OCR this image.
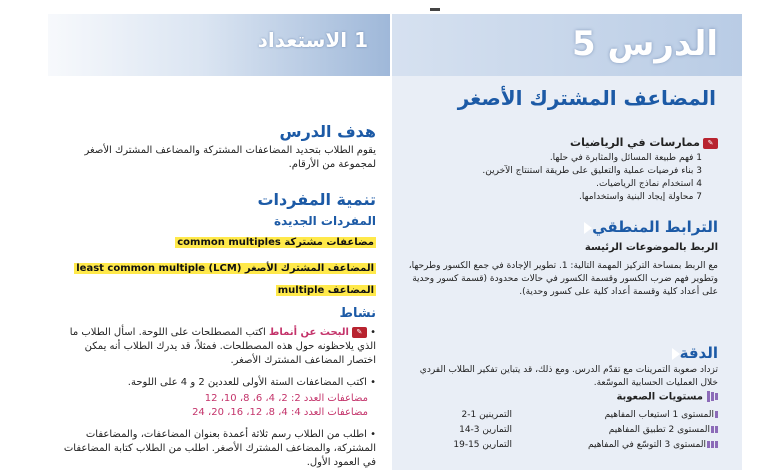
1 الاستعداد
هدف الدرس
يقوم الطلاب بتحديد المضاعفات المشتركة والمضاعف المشترك الأصغر لمجموعة من الأرقام.
تنمية المفردات
المفردات الجديدة
مضاعفات مشتركة common multiples
المضاعف المشترك الأصغر (LCM) least common multiple
المضاعف multiple
نشاط
• ✎البحث عن أنماط اكتب المصطلحات على اللوحة. اسأل الطلاب ما الذي يلاحظونه حول هذه المصطلحات. فمثلاً، قد يدرك الطلاب أنه يمكن اختصار المضاعف المشترك الأصغر.
• اكتب المضاعفات الستة الأولى للعددين 2 و 4 على اللوحة.
مضاعفات العدد 2: 2، 4، 6، 8، 10، 12
مضاعفات العدد 4: 4، 8، 12، 16، 20، 24
• اطلب من الطلاب رسم ثلاثة أعمدة بعنوان المضاعفات، والمضاعفات المشتركة، والمضاعف المشترك الأصغر. اطلب من الطلاب كتابة المضاعفات في العمود الأول.
الدرس 5
المضاعف المشترك الأصغر
✎ممارسات في الرياضيات
1 فهم طبيعة المسائل والمثابرة في حلها.
3 بناء فرضيات عملية والتعليق على طريقة استنتاج الآخرين.
4 استخدام نماذج الرياضيات.
7 محاولة إيجاد البنية واستخدامها.
الترابط المنطقي
الربط بالموضوعات الرئيسة
مع الربط بمساحة التركيز المهمة التالية: 1. تطوير الإجادة في جمع الكسور وطرحها، وتطوير فهم ضرب الكسور وقسمة الكسور في حالات محدودة (قسمة كسور وحدية على أعداد كلية وقسمة أعداد كلية على كسور وحدية).
الدقة
تزداد صعوبة التمرينات مع تقدّم الدرس. ومع ذلك، قد يتباين تفكير الطلاب الفردي خلال العمليات الحسابية الموسّعة.
مستويات الصعوبة
المستوى 1 استيعاب المفاهيم
التمرينين 1-2
المستوى 2 تطبيق المفاهيم
التمارين 3-14
المستوى 3 التوسّع في المفاهيم
التمارين 15-19
